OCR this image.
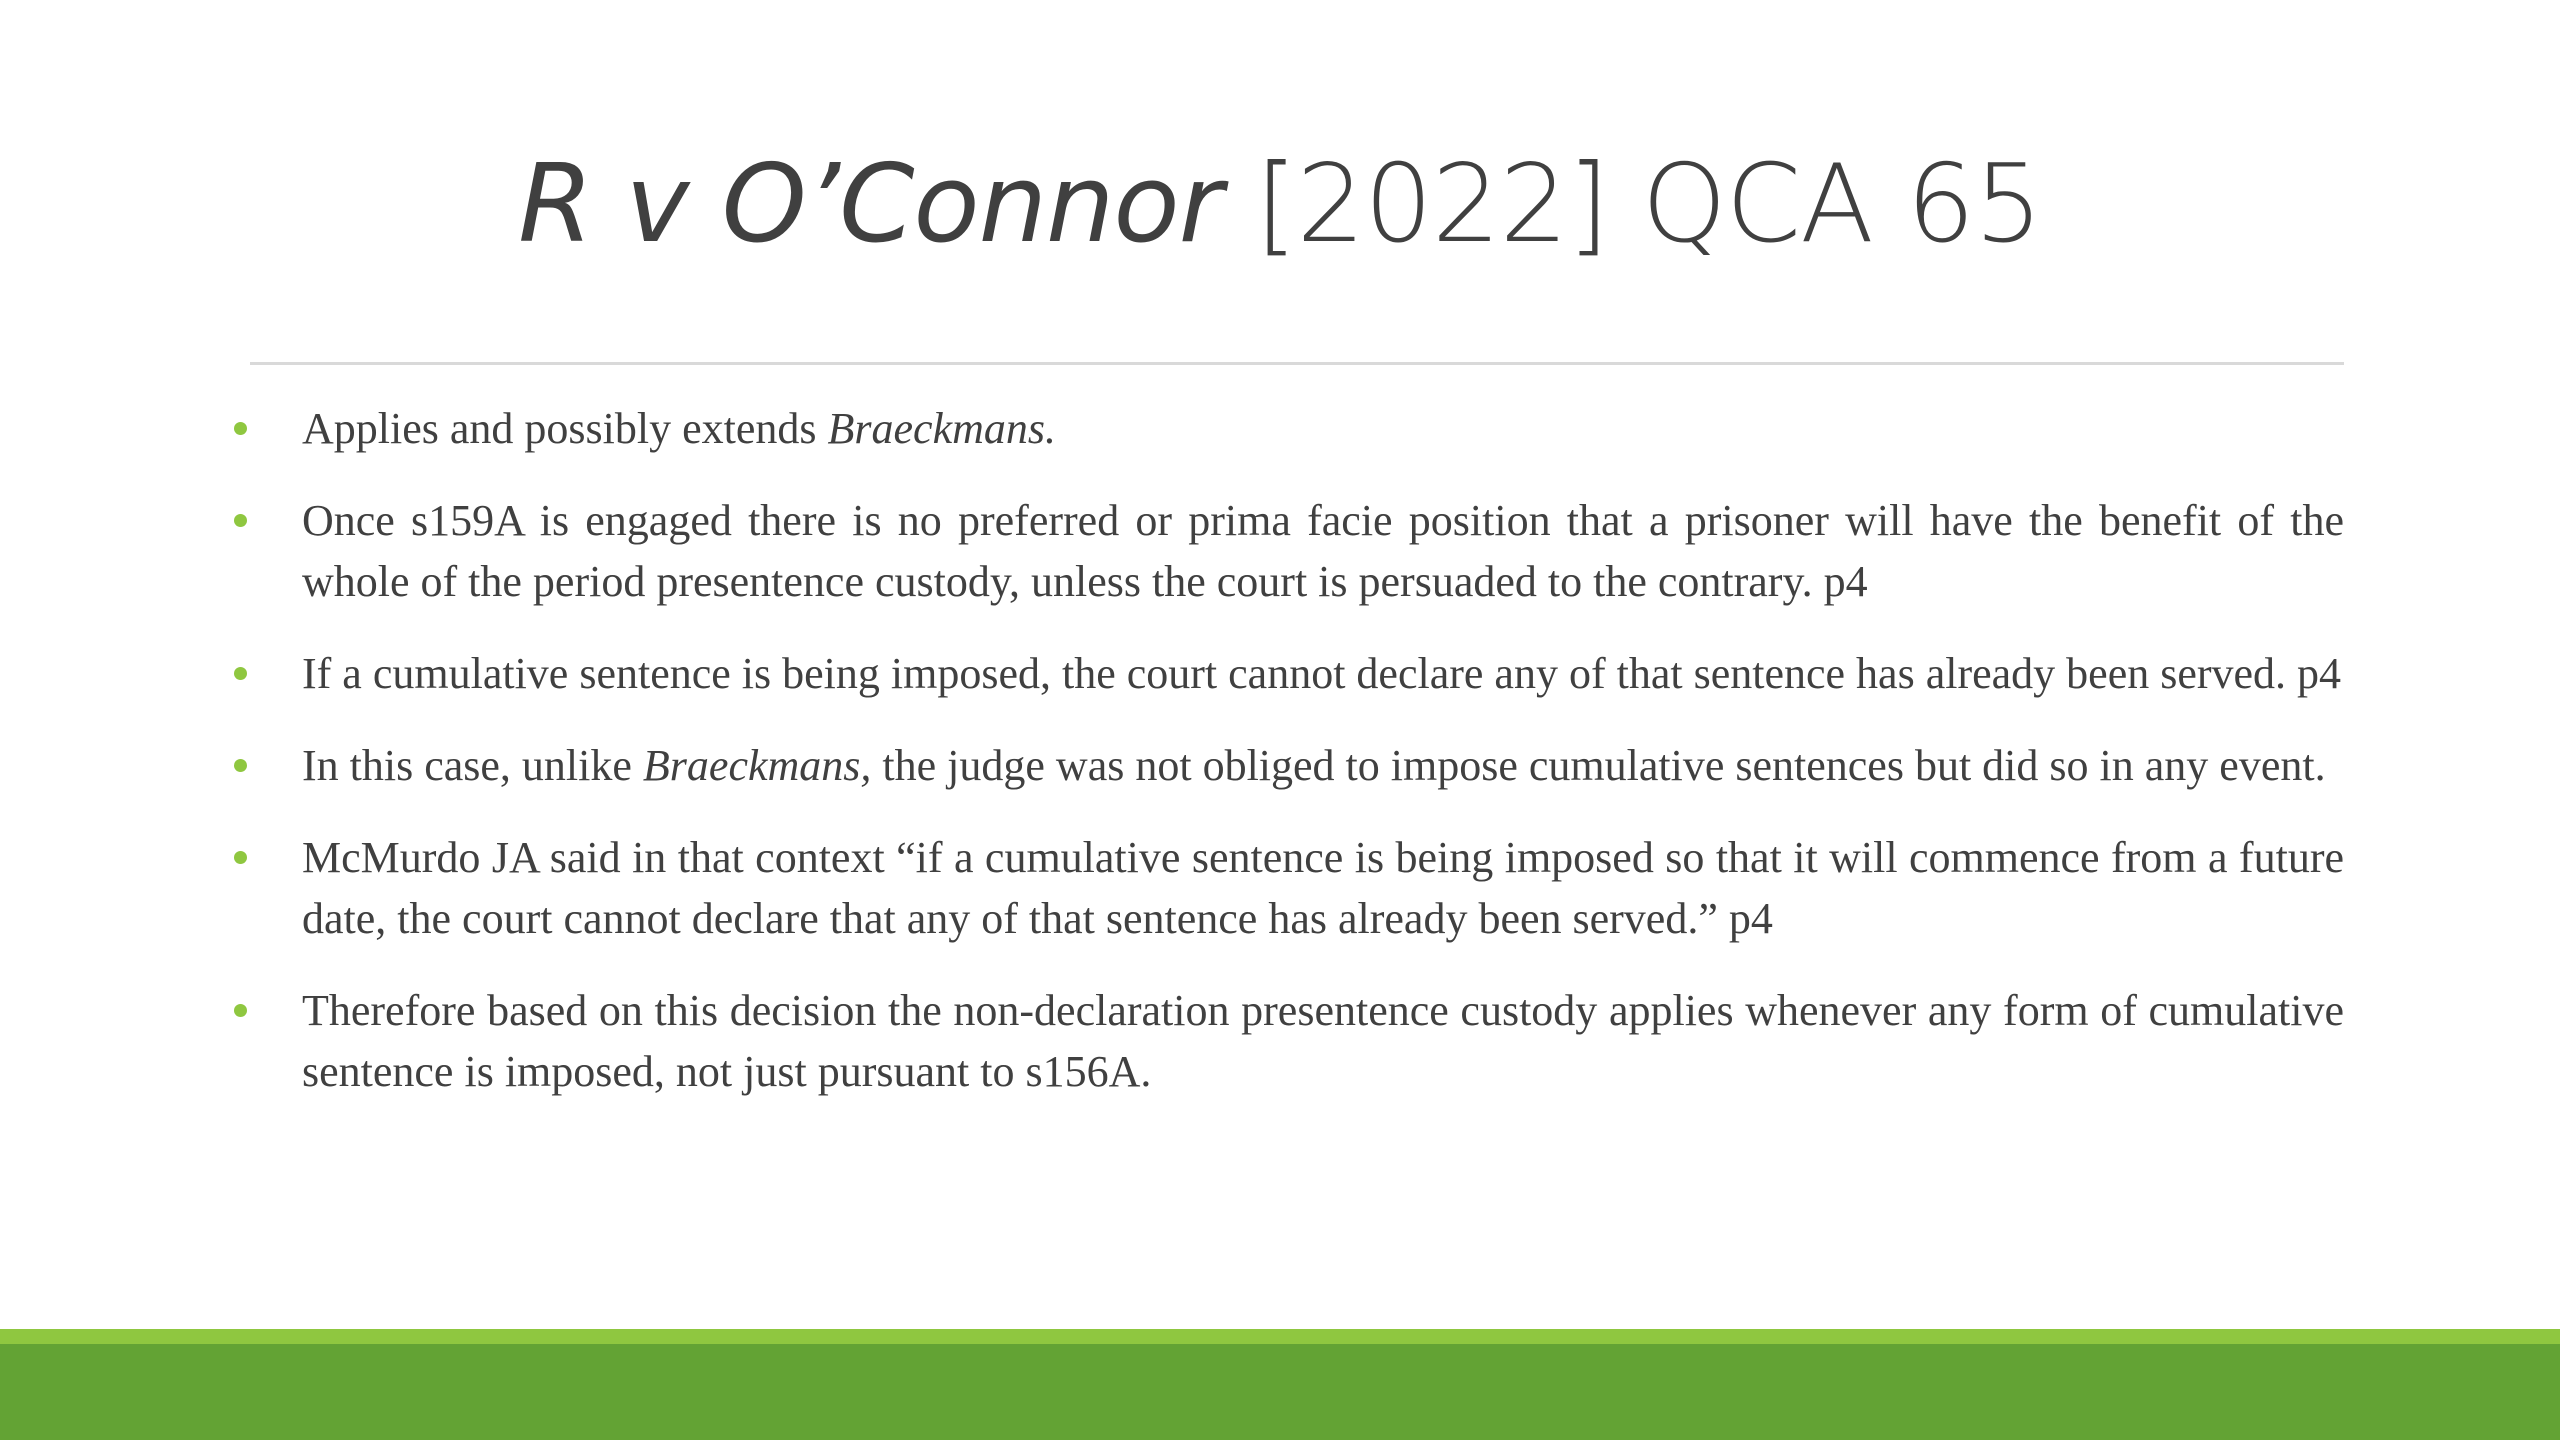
R v O’Connor [2022] QCA 65
Applies and possibly extends Braeckmans.
Once s159A is engaged there is no preferred or prima facie position that a prisoner will have the benefit of the whole of the period presentence custody, unless the court is persuaded to the contrary. p4
If a cumulative sentence is being imposed, the court cannot declare any of that sentence has already been served. p4
In this case, unlike Braeckmans, the judge was not obliged to impose cumulative sentences but did so in any event.
McMurdo JA said in that context “if a cumulative sentence is being imposed so that it will commence from a future date, the court cannot declare that any of that sentence has already been served.” p4
Therefore based on this decision the non-declaration presentence custody applies whenever any form of cumulative sentence is imposed, not just pursuant to s156A.
